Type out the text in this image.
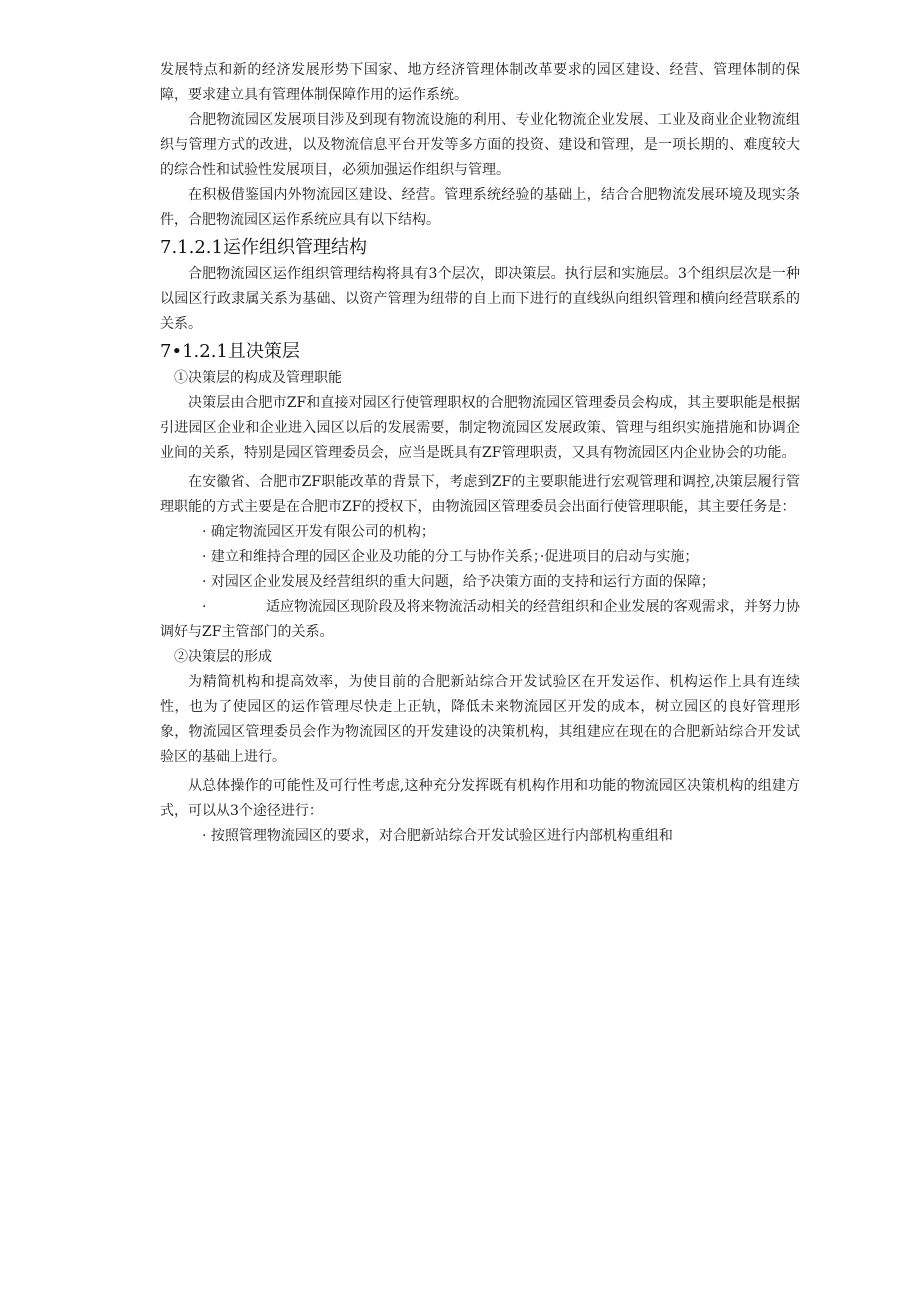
发展特点和新的经济发展形势下国家、地方经济管理体制改革要求的园区建设、经营、管理体制的保障，要求建立具有管理体制保障作用的运作系统。

合肥物流园区发展项目涉及到现有物流设施的利用、专业化物流企业发展、工业及商业企业物流组织与管理方式的改进，以及物流信息平台开发等多方面的投资、建设和管理，是一项长期的、难度较大的综合性和试验性发展项目，必须加强运作组织与管理。

在积极借鉴国内外物流园区建设、经营。管理系统经验的基础上，结合合肥物流发展环境及现实条件，合肥物流园区运作系统应具有以下结构。

7.1.2.1运作组织管理结构

合肥物流园区运作组织管理结构将具有3个层次，即决策层。执行层和实施层。3个组织层次是一种以园区行政隶属关系为基础、以资产管理为纽带的自上而下进行的直线纵向组织管理和横向经营联系的关系。

7•1.2.1且决策层

①决策层的构成及管理职能

决策层由合肥市ZF和直接对园区行使管理职权的合肥物流园区管理委员会构成，其主要职能是根据引进园区企业和企业进入园区以后的发展需要，制定物流园区发展政策、管理与组织实施措施和协调企业间的关系，特别是园区管理委员会，应当是既具有ZF管理职责，又具有物流园区内企业协会的功能。

在安徽省、合肥市ZF职能改革的背景下，考虑到ZF的主要职能进行宏观管理和调控,决策层履行管理职能的方式主要是在合肥市ZF的授权下，由物流园区管理委员会出面行使管理职能，其主要任务是：

· 确定物流园区开发有限公司的机构；

· 建立和维持合理的园区企业及功能的分工与协作关系；·促进项目的启动与实施；

· 对园区企业发展及经营组织的重大问题，给予决策方面的支持和运行方面的保障；

·	适应物流园区现阶段及将来物流活动相关的经营组织和企业发展的客观需求，并努力协调好与ZF主管部门的关系。

②决策层的形成

为精简机构和提高效率，为使目前的合肥新站综合开发试验区在开发运作、机构运作上具有连续性，也为了使园区的运作管理尽快走上正轨，降低未来物流园区开发的成本，树立园区的良好管理形象，物流园区管理委员会作为物流园区的开发建设的决策机构，其组建应在现在的合肥新站综合开发试验区的基础上进行。

从总体操作的可能性及可行性考虑,这种充分发挥既有机构作用和功能的物流园区决策机构的组建方式，可以从3个途径进行：

· 按照管理物流园区的要求，对合肥新站综合开发试验区进行内部机构重组和
